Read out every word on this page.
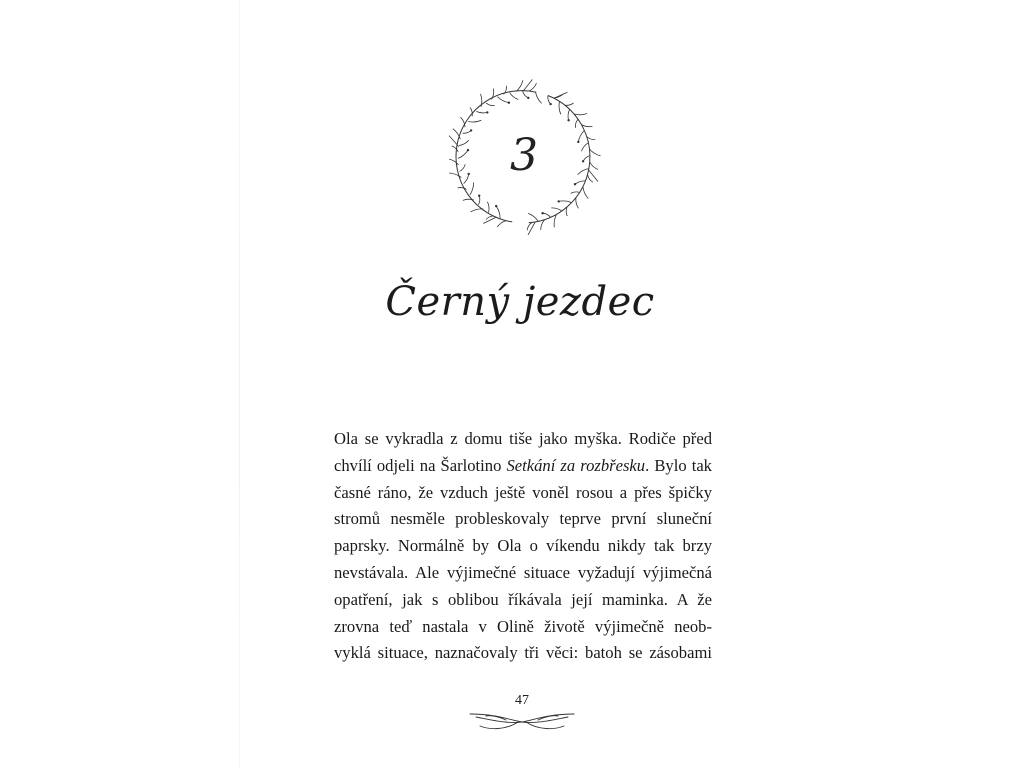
3
Černý jezdec
Ola se vykradla z domu tiše jako myška. Rodiče před
chvílí odjeli na Šarlotino Setkání za rozbřesku. Bylo tak
časné ráno, že vzduch ještě voněl rosou a přes špičky
stromů nesměle probleskovaly teprve první sluneční
paprsky. Normálně by Ola o víkendu nikdy tak brzy
nevstávala. Ale výjimečné situace vyžadují výjimečná
opatření, jak s oblibou říkávala její maminka. A že
zrovna teď nastala v Olině životě výjimečně neob-
vyklá situace, naznačovaly tři věci: batoh se zásobami
47
